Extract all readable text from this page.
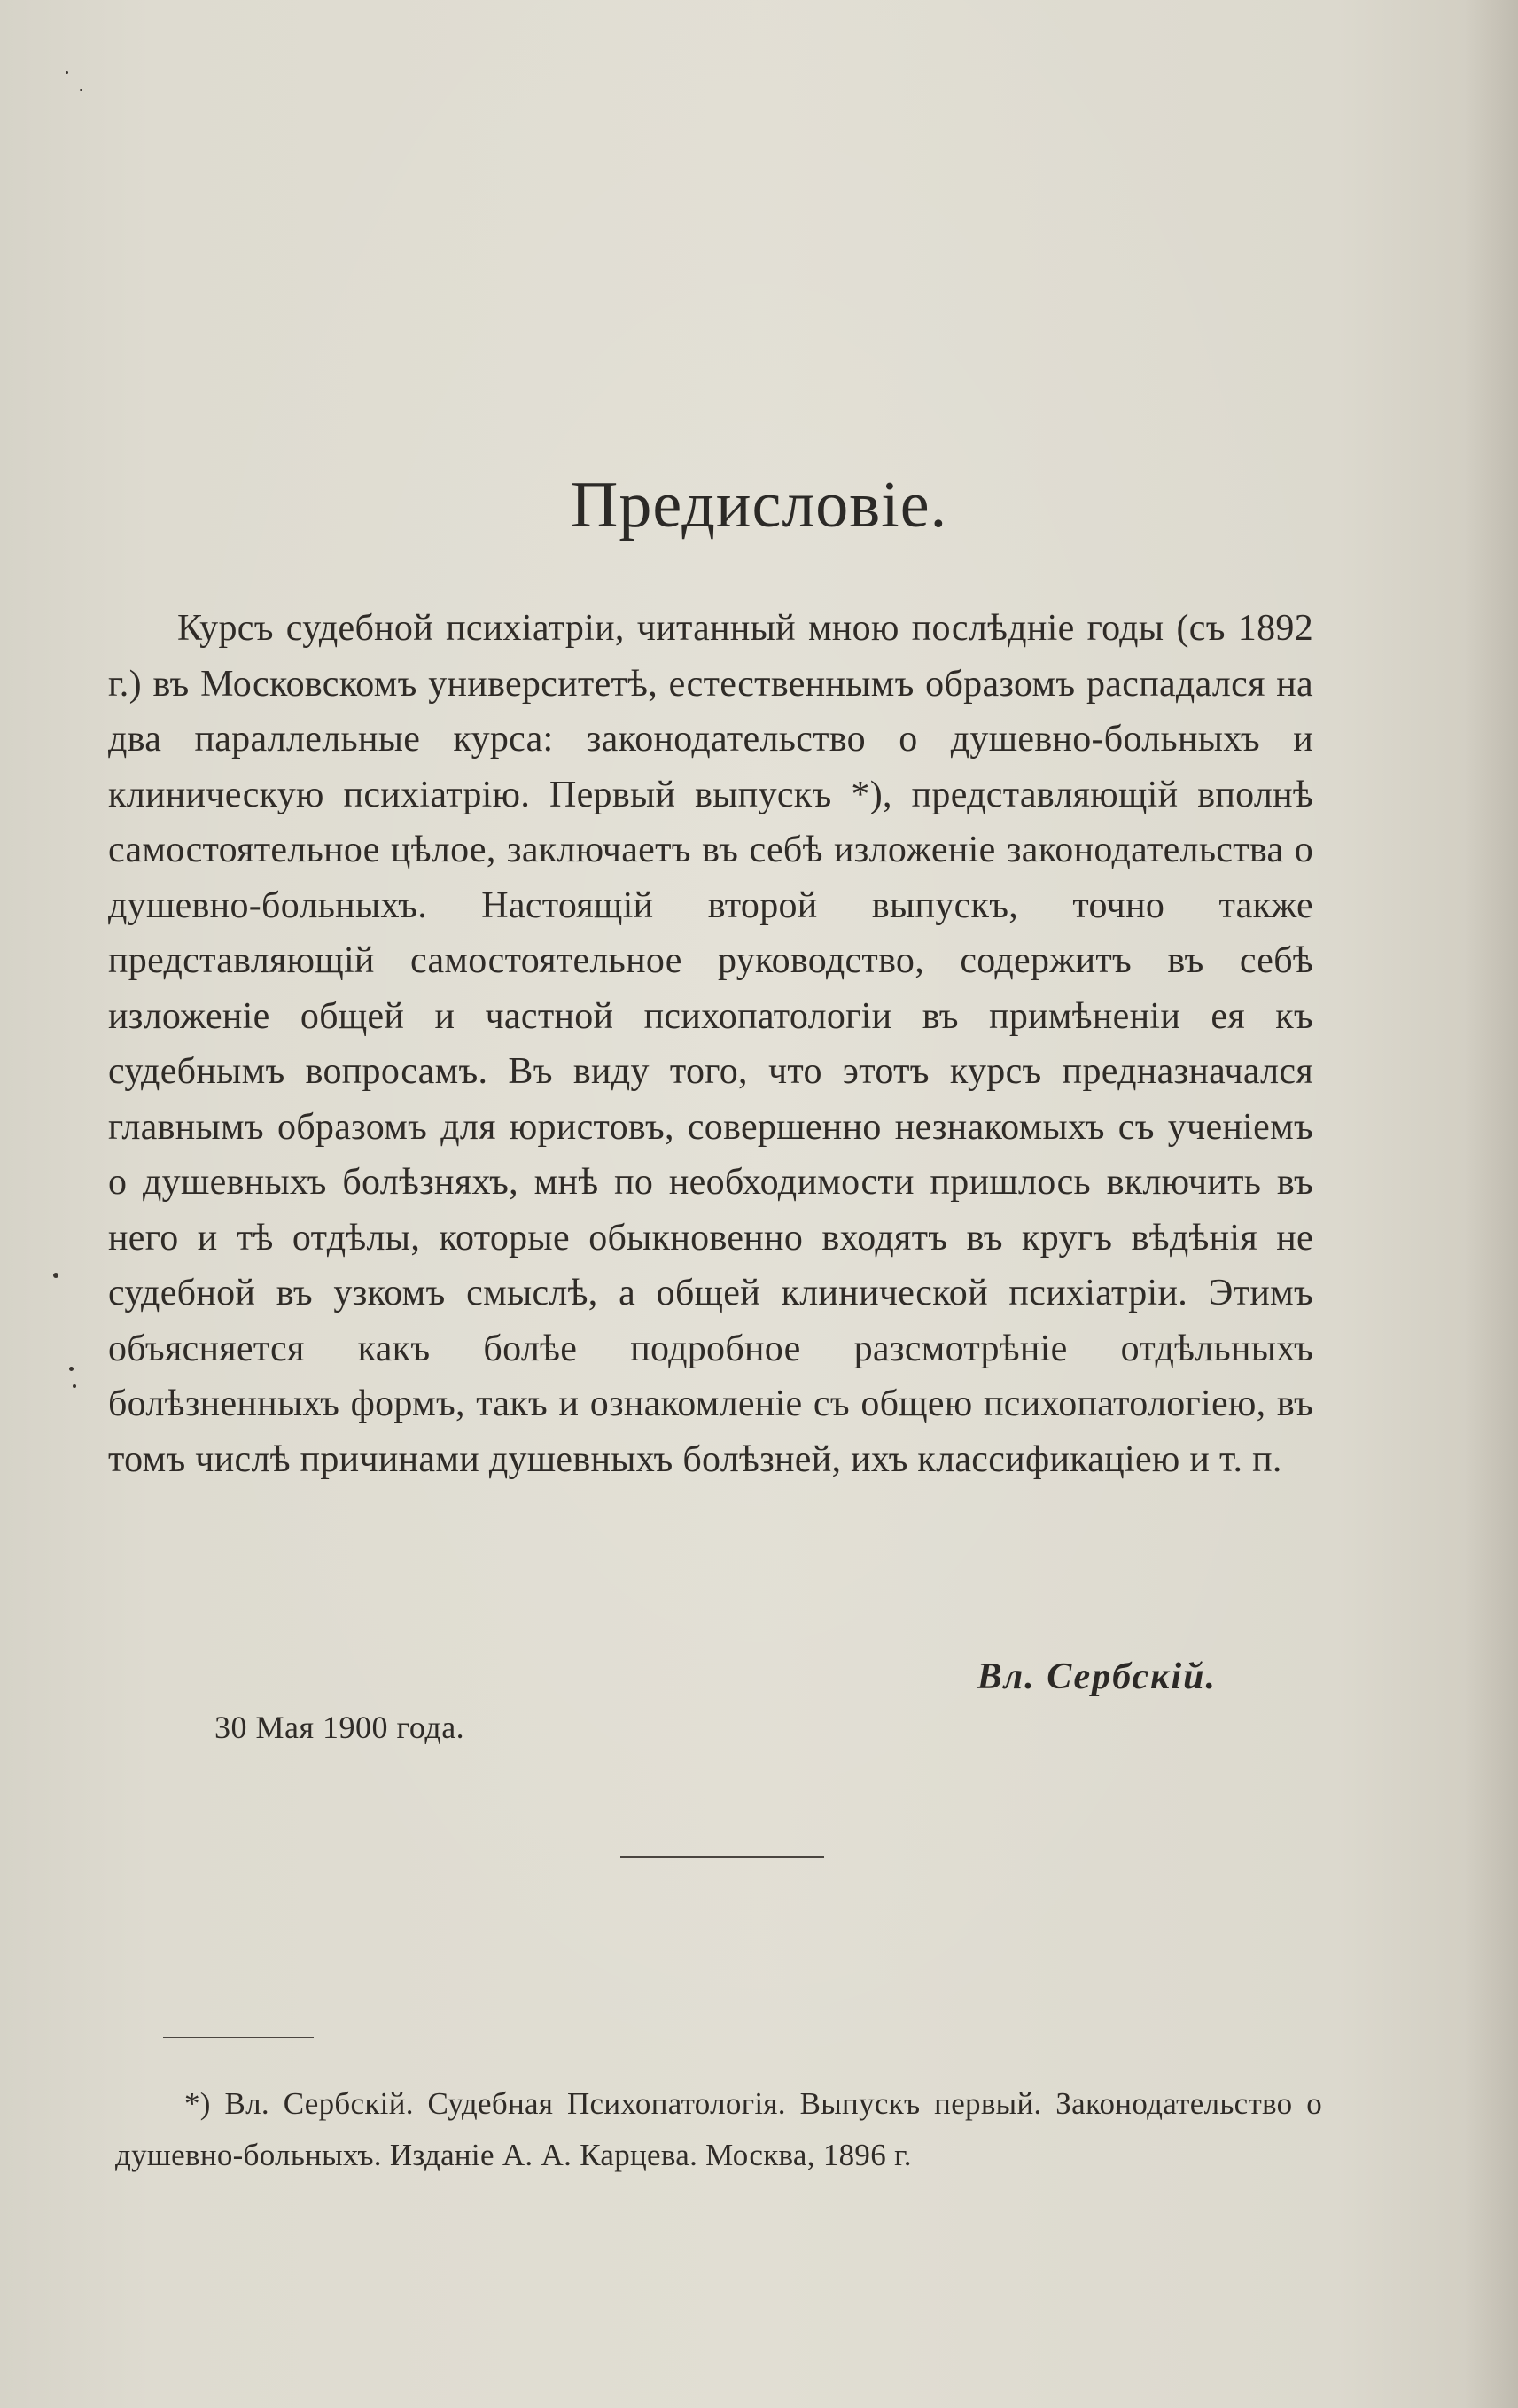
Предисловіе.

Курсъ судебной психіатріи, читанный мною послѣдніе годы (съ 1892 г.) въ Московскомъ университетѣ, естественнымъ образомъ распадался на два параллельные курса: законодательство о душевно-больныхъ и клиническую психіатрію. Первый выпускъ *), представляющій вполнѣ самостоятельное цѣлое, заключаетъ въ себѣ изложеніе законодательства о душевно-больныхъ. Настоящій второй выпускъ, точно также представляющій самостоятельное руководство, содержитъ въ себѣ изложеніе общей и частной психопатологіи въ примѣненіи ея къ судебнымъ вопросамъ. Въ виду того, что этотъ курсъ предназначался главнымъ образомъ для юристовъ, совершенно незнакомыхъ съ ученіемъ о душевныхъ болѣзняхъ, мнѣ по необходимости пришлось включить въ него и тѣ отдѣлы, которые обыкновенно входятъ въ кругъ вѣдѣнія не судебной въ узкомъ смыслѣ, а общей клинической психіатріи. Этимъ объясняется какъ болѣе подробное разсмотрѣніе отдѣльныхъ болѣзненныхъ формъ, такъ и ознакомленіе съ общею психопатологіею, въ томъ числѣ причинами душевныхъ болѣзней, ихъ классификаціею и т. п.

Вл. Сербскій.
30 Мая 1900 года.

*) Вл. Сербскій. Судебная Психопатологія. Выпускъ первый. Законодательство о душевно-больныхъ. Изданіе А. А. Карцева. Москва, 1896 г.
